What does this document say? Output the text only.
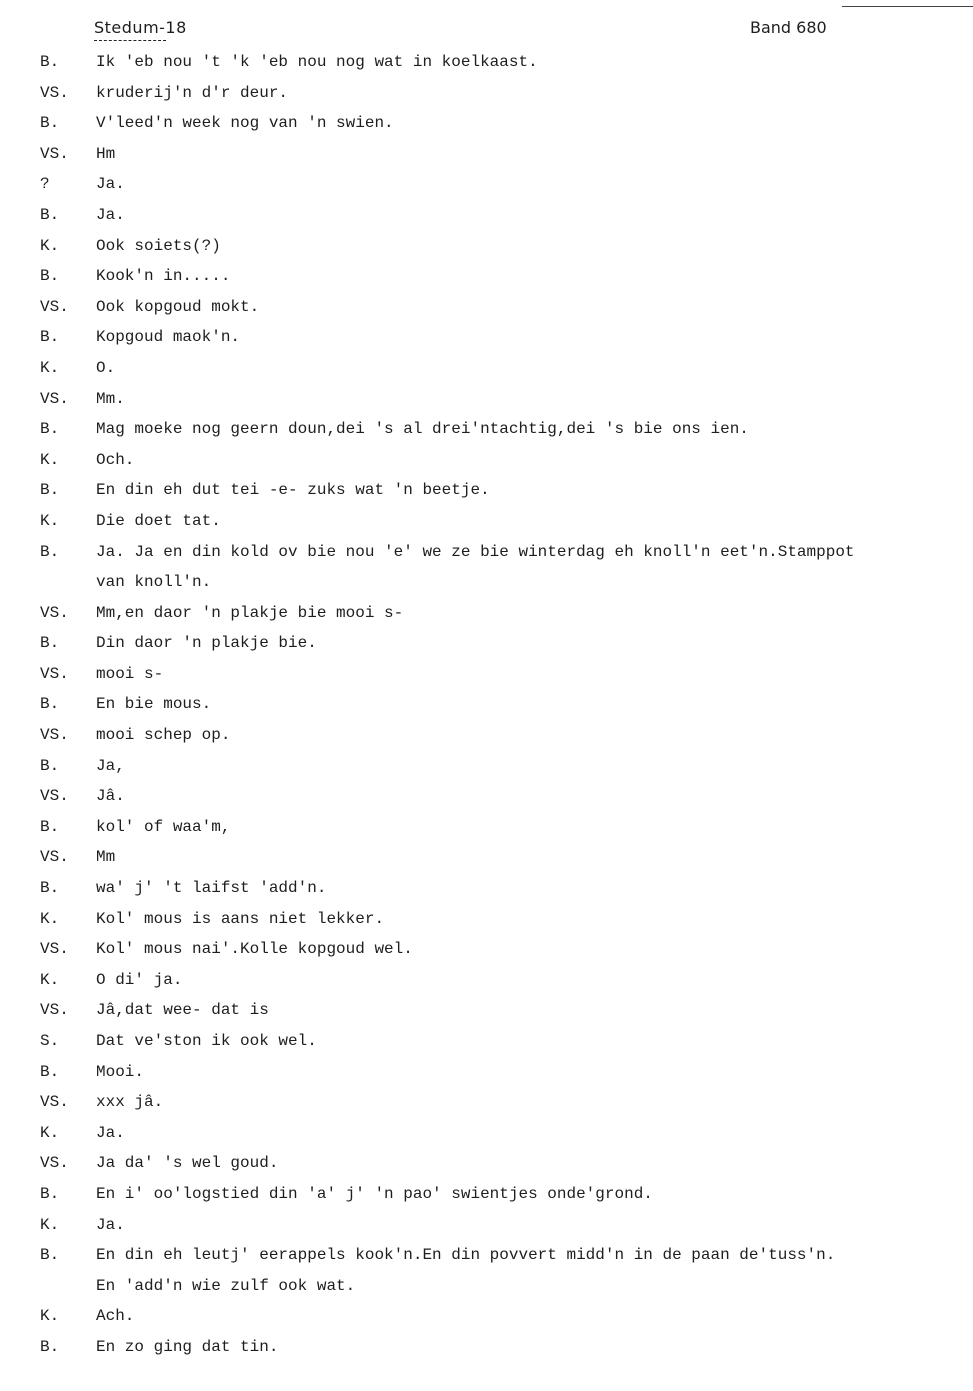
Stedum-18	Band 680
B. Ik 'eb nou 't 'k 'eb nou nog wat in koelkaast.
VS. kruderij'n d'r deur.
B. V'leed'n week nog van 'n swien.
VS. Hm
?	Ja.
B. Ja.
K. Ook soiets(?)
B. Kook'n in.....
VS. Ook kopgoud mokt.
B. Kopgoud maok'n.
K. O.
VS. Mm.
B. Mag moeke nog geern doun,dei 's al drei'ntachtig,dei 's bie ons ien.
K. Och.
B. En din eh dut tei -e- zuks wat 'n beetje.
K. Die doet tat.
B. Ja. Ja en din kold ov bie nou 'e' we ze bie winterdag eh knoll'n eet'n.Stamppot
van knoll'n.
VS. Mm,en daor 'n plakje bie mooi s-
B. Din daor 'n plakje bie.
VS. mooi s-
B. En bie mous.
VS. mooi schep op.
B. Ja,
VS. Jâ.
B. kol' of waa'm,
VS. Mm
B. wa' j' 't laifst 'add'n.
K. Kol' mous is aans niet lekker.
VS. Kol' mous nai'.Kolle kopgoud wel.
K. O di' ja.
VS. Jâ,dat wee- dat is
S. Dat ve'ston ik ook wel.
B. Mooi.
VS. xxx jâ.
K. Ja.
VS. Ja da' 's wel goud.
B. En i' oo'logstied din 'a' j' 'n pao' swientjes onde'grond.
K. Ja.
B. En din eh leutj' eerappels kook'n.En din povvert midd'n in de paan de'tuss'n.
En 'add'n wie zulf ook wat.
K. Ach.
B. En zo ging dat tin.
